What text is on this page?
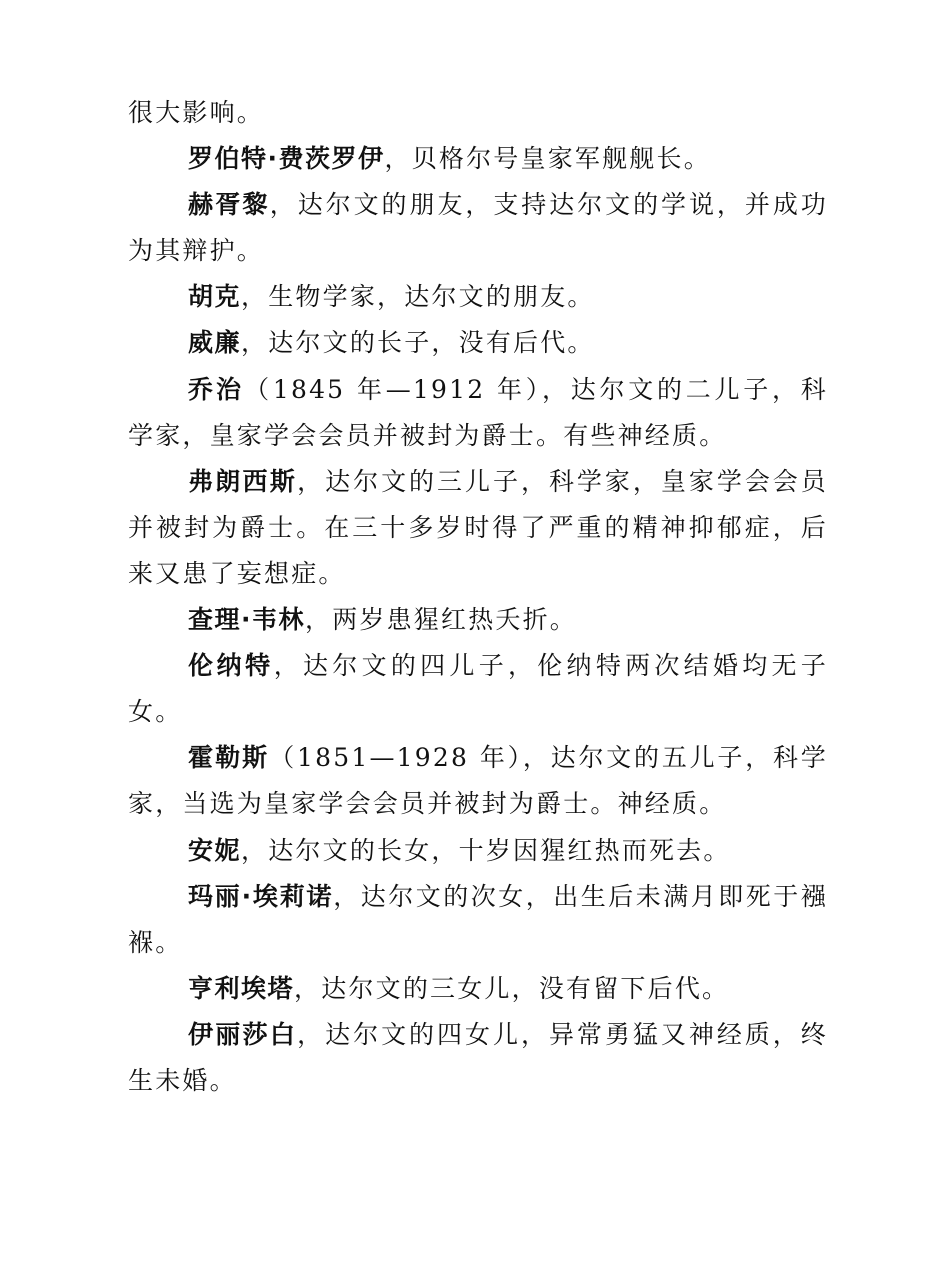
很大影响。

罗伯特·费茨罗伊，贝格尔号皇家军舰舰长。

赫胥黎，达尔文的朋友，支持达尔文的学说，并成功为其辩护。

胡克，生物学家，达尔文的朋友。

威廉，达尔文的长子，没有后代。

乔治（1845 年—1912 年），达尔文的二儿子，科学家，皇家学会会员并被封为爵士。有些神经质。

弗朗西斯，达尔文的三儿子，科学家，皇家学会会员并被封为爵士。在三十多岁时得了严重的精神抑郁症，后来又患了妄想症。

查理·韦林，两岁患猩红热夭折。

伦纳特，达尔文的四儿子，伦纳特两次结婚均无子女。

霍勒斯（1851—1928 年），达尔文的五儿子，科学家，当选为皇家学会会员并被封为爵士。神经质。

安妮，达尔文的长女，十岁因猩红热而死去。

玛丽·埃莉诺，达尔文的次女，出生后未满月即死于襁褓。

亨利埃塔，达尔文的三女儿，没有留下后代。

伊丽莎白，达尔文的四女儿，异常勇猛又神经质，终生未婚。
